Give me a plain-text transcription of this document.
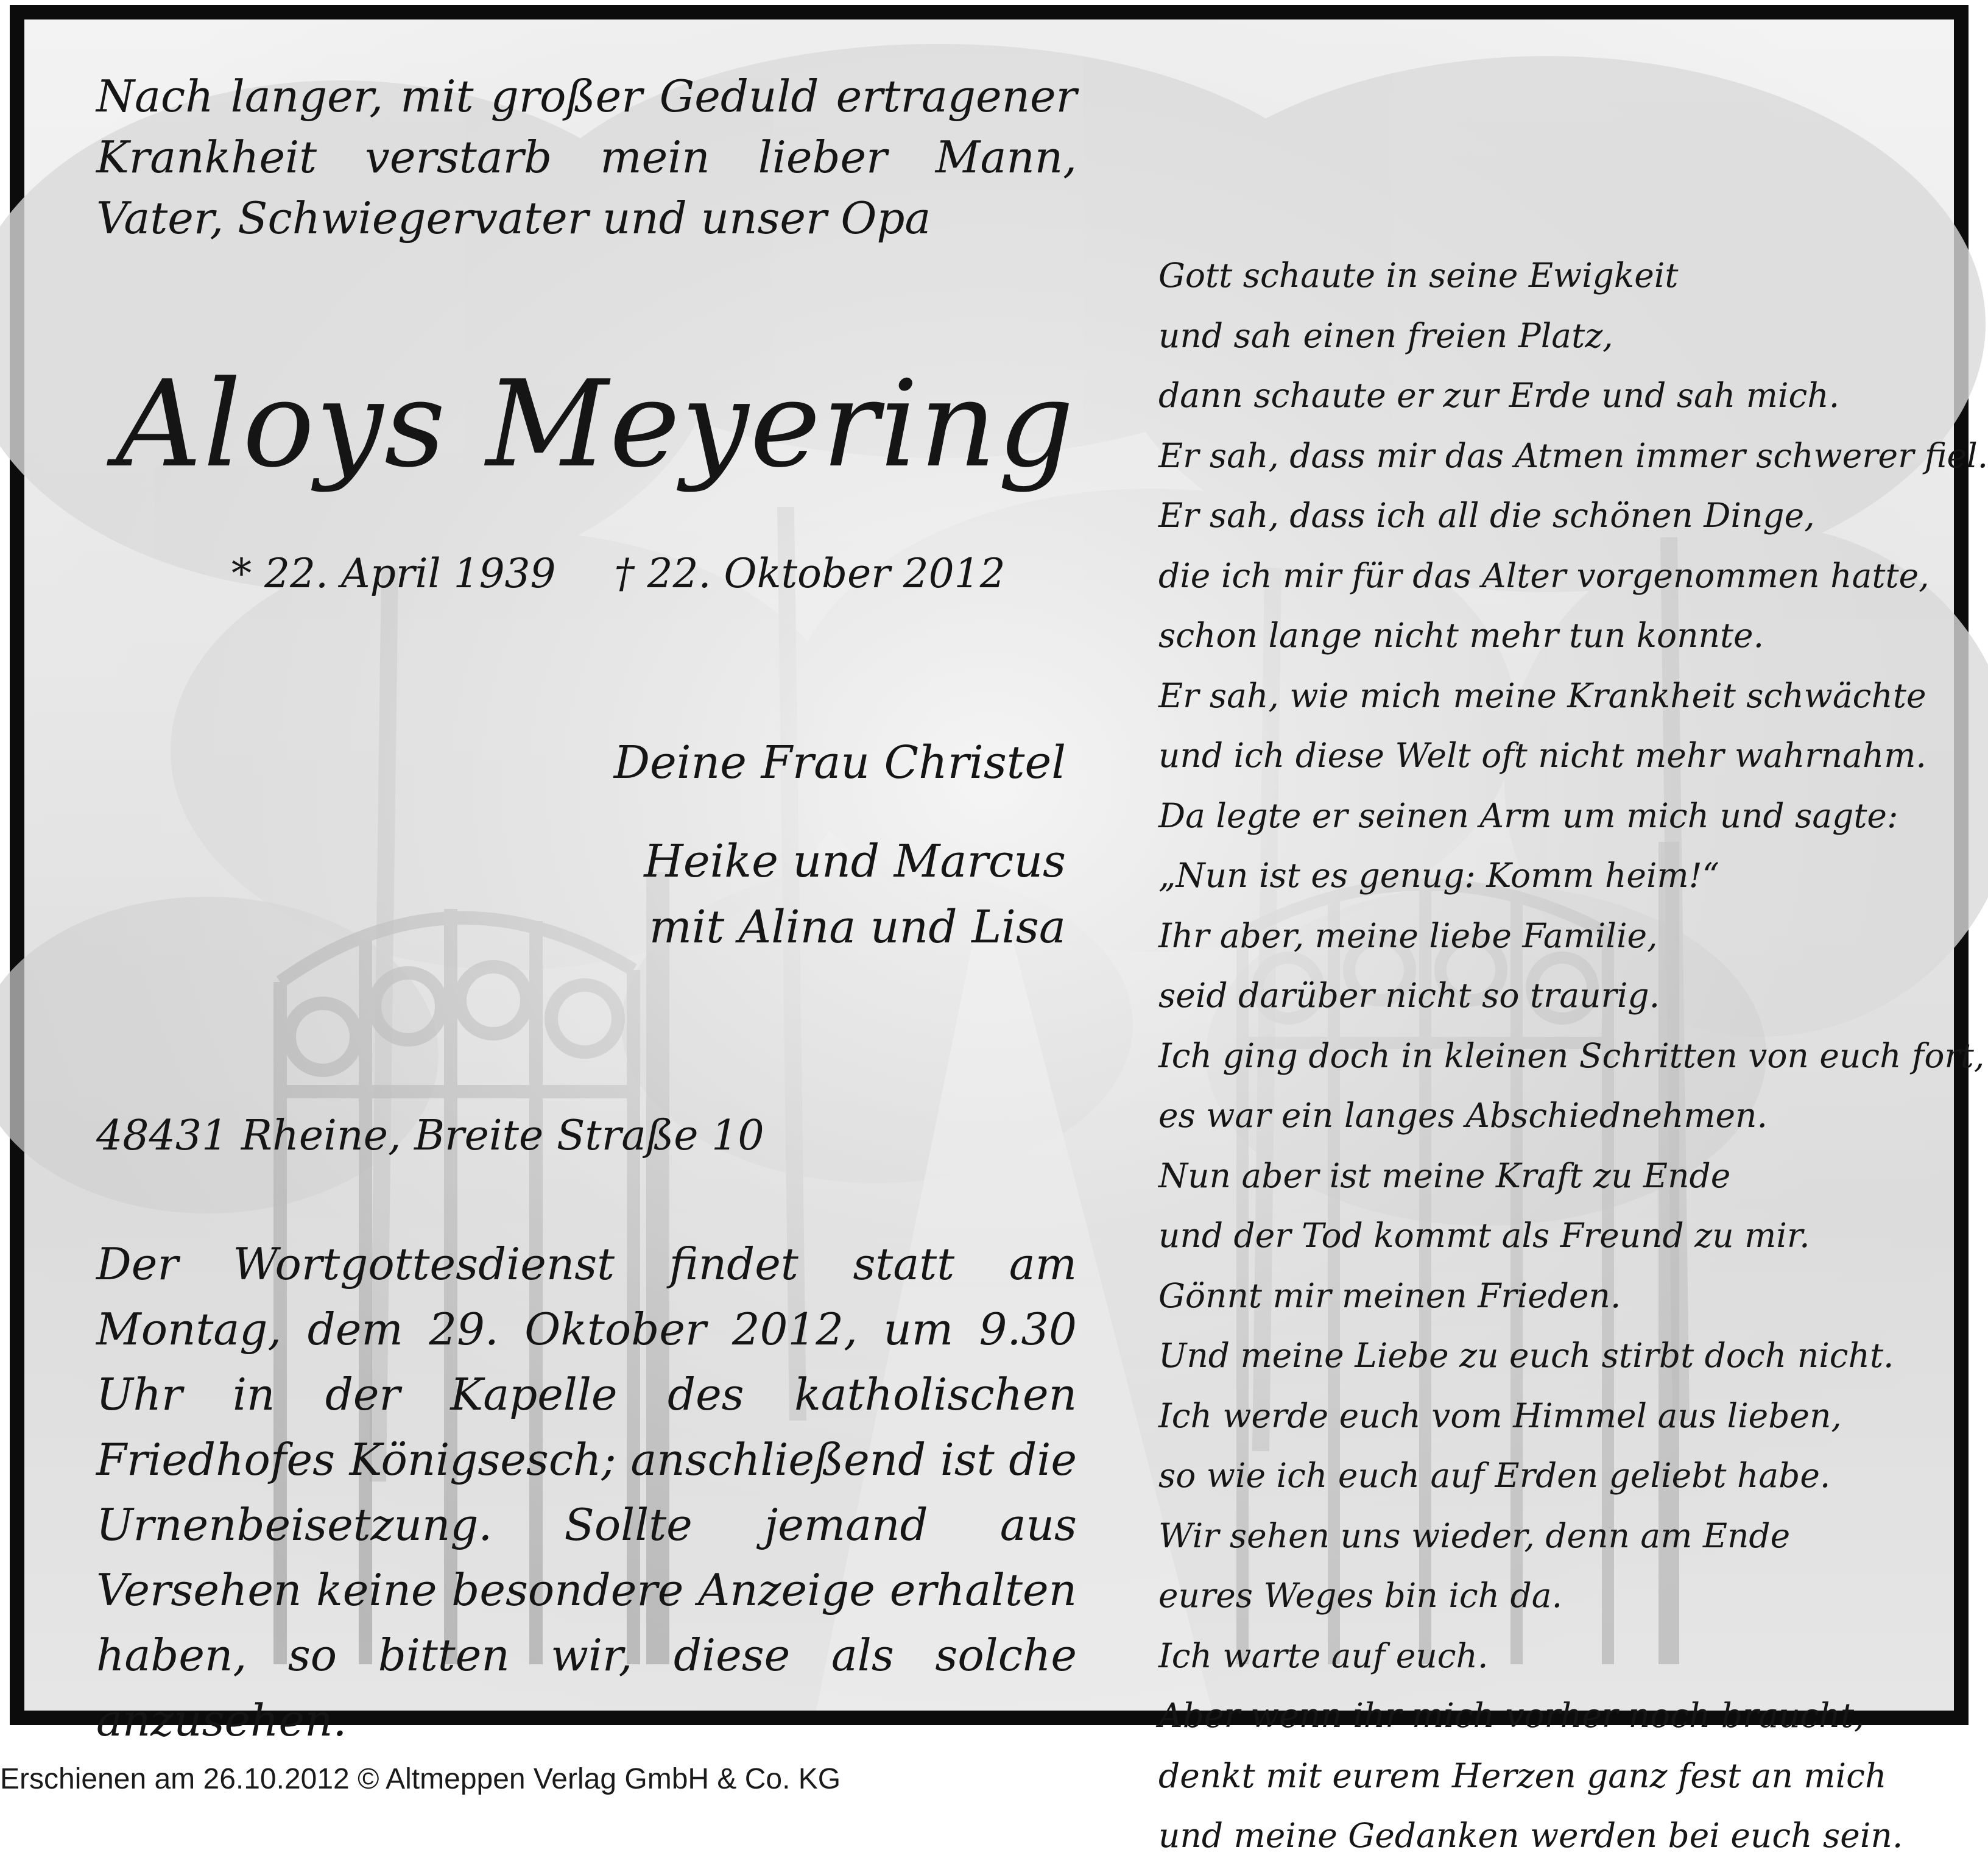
Nach langer, mit großer Geduld ertragener Krankheit verstarb mein lieber Mann, Vater, Schwiegervater und unser Opa
Aloys Meyering
* 22. April 1939 † 22. Oktober 2012
Deine Frau Christel
Heike und Marcus
mit Alina und Lisa
48431 Rheine, Breite Straße 10
Der Wortgottesdienst findet statt am Montag, dem 29. Oktober 2012, um 9.30 Uhr in der Kapelle des katholischen Friedhofes Königsesch; anschließend ist die Urnenbeisetzung. Sollte jemand aus Versehen keine besondere Anzeige erhalten haben, so bitten wir, diese als solche anzusehen.

Gott schaute in seine Ewigkeit

und sah einen freien Platz,

dann schaute er zur Erde und sah mich.

Er sah, dass mir das Atmen immer schwerer fiel.

Er sah, dass ich all die schönen Dinge,

die ich mir für das Alter vorgenommen hatte,

schon lange nicht mehr tun konnte.

Er sah, wie mich meine Krankheit schwächte

und ich diese Welt oft nicht mehr wahrnahm.

Da legte er seinen Arm um mich und sagte:

„Nun ist es genug: Komm heim!“

Ihr aber, meine liebe Familie,

seid darüber nicht so traurig.

Ich ging doch in kleinen Schritten von euch fort,

es war ein langes Abschiednehmen.

Nun aber ist meine Kraft zu Ende

und der Tod kommt als Freund zu mir.

Gönnt mir meinen Frieden.

Und meine Liebe zu euch stirbt doch nicht.

Ich werde euch vom Himmel aus lieben,

so wie ich euch auf Erden geliebt habe.

Wir sehen uns wieder, denn am Ende

eures Weges bin ich da.

Ich warte auf euch.

Aber wenn ihr mich vorher noch braucht,

denkt mit eurem Herzen ganz fest an mich

und meine Gedanken werden bei euch sein.

Erschienen am 26.10.2012 © Altmeppen Verlag GmbH & Co. KG
